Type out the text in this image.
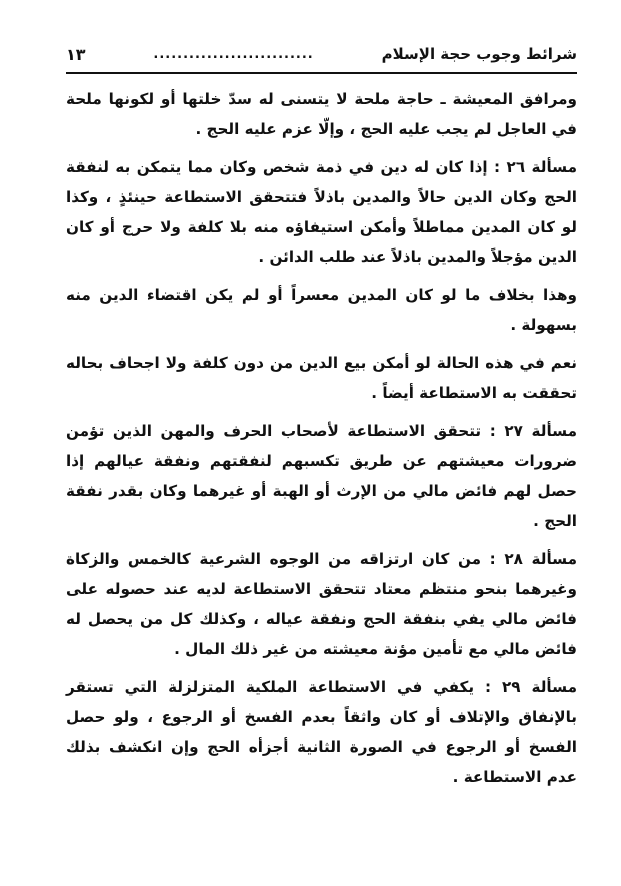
شرائط وجوب حجة الإسلام
...........................
١٣

ومرافق المعيشة ـ حاجة ملحة لا يتسنى له سدّ خلتها أو لكونها ملحة في العاجل لم يجب عليه الحج ، وإلّا عزم عليه الحج .

مسألة ٢٦ : إذا كان له دين في ذمة شخص وكان مما يتمكن به لنفقة الحج وكان الدين حالاً والمدين باذلاً فتتحقق الاستطاعة حينئذٍ ، وكذا لو كان المدين مماطلاً وأمكن استيفاؤه منه بلا كلفة ولا حرج أو كان الدين مؤجلاً والمدين باذلاً عند طلب الدائن .

وهذا بخلاف ما لو كان المدين معسراً أو لم يكن اقتضاء الدين منه بسهولة .

نعم في هذه الحالة لو أمكن بيع الدين من دون كلفة ولا اجحاف بحاله تحققت به الاستطاعة أيضاً .

مسألة ٢٧ : تتحقق الاستطاعة لأصحاب الحرف والمهن الذين تؤمن ضرورات معيشتهم عن طريق تكسبهم لنفقتهم ونفقة عيالهم إذا حصل لهم فائض مالي من الإرث أو الهبة أو غيرهما وكان بقدر نفقة الحج .

مسألة ٢٨ : من كان ارتزاقه من الوجوه الشرعية كالخمس والزكاة وغيرهما بنحو منتظم معتاد تتحقق الاستطاعة لديه عند حصوله على فائض مالي يفي بنفقة الحج ونفقة عياله ، وكذلك كل من يحصل له فائض مالي مع تأمين مؤنة معيشته من غير ذلك المال .

مسألة ٢٩ : يكفي في الاستطاعة الملكية المتزلزلة التي تستقر بالإنفاق والإتلاف أو كان واثقاً بعدم الفسخ أو الرجوع ، ولو حصل الفسخ أو الرجوع في الصورة الثانية أجزأه الحج وإن انكشف بذلك عدم الاستطاعة .
